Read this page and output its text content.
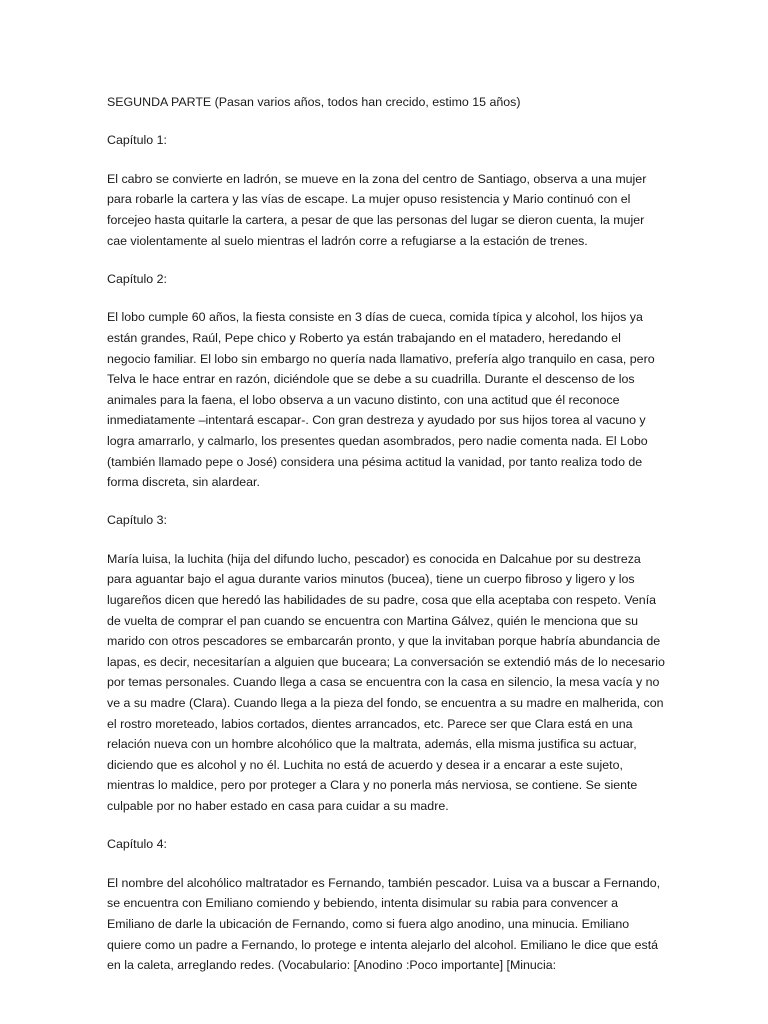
SEGUNDA PARTE (Pasan varios años, todos han crecido, estimo 15 años)

Capítulo 1:

El cabro se convierte en ladrón, se mueve en la zona del centro de Santiago, observa a una mujer para robarle la cartera y las vías de escape. La mujer opuso resistencia y Mario continuó con el forcejeo hasta quitarle la cartera, a pesar de que las personas del lugar se dieron cuenta, la mujer cae violentamente al suelo mientras el ladrón corre a refugiarse a la estación de trenes.

Capítulo 2:

El lobo cumple 60 años, la fiesta consiste en 3 días de cueca, comida típica y alcohol, los hijos ya están grandes, Raúl, Pepe chico y Roberto ya están trabajando en el matadero, heredando el negocio familiar. El lobo sin embargo no quería nada llamativo, prefería algo tranquilo en casa, pero Telva le hace entrar en razón, diciéndole que se debe a su cuadrilla. Durante el descenso de los animales para la faena, el lobo observa a un vacuno distinto, con una actitud que él reconoce inmediatamente –intentará escapar-. Con gran destreza y ayudado por sus hijos torea al vacuno y logra amarrarlo, y calmarlo, los presentes quedan asombrados, pero nadie comenta nada. El Lobo (también llamado pepe o José) considera una pésima actitud la vanidad, por tanto realiza todo de forma discreta, sin alardear.

Capítulo 3:

María luisa, la luchita (hija del difundo lucho, pescador) es conocida en Dalcahue por su destreza para aguantar bajo el agua durante varios minutos (bucea), tiene un cuerpo fibroso y ligero y los lugareños dicen que heredó las habilidades de su padre, cosa que ella aceptaba con respeto. Venía de vuelta de comprar el pan cuando se encuentra con Martina Gálvez, quién le menciona que su marido con otros pescadores se embarcarán pronto, y que la invitaban porque habría abundancia de lapas, es decir, necesitarían a alguien que buceara; La conversación se extendió más de lo necesario por temas personales. Cuando llega a casa se encuentra con la casa en silencio, la mesa vacía y no ve a su madre (Clara). Cuando llega a la pieza del fondo, se encuentra a su madre en malherida, con el rostro moreteado, labios cortados, dientes arrancados, etc. Parece ser que Clara está en una relación nueva con un hombre alcohólico que la maltrata, además, ella misma justifica su actuar, diciendo que es alcohol y no él. Luchita no está de acuerdo y desea ir a encarar a este sujeto, mientras lo maldice, pero por proteger a Clara y no ponerla más nerviosa, se contiene. Se siente culpable por no haber estado en casa para cuidar a su madre.

Capítulo 4:

El nombre del alcohólico maltratador es Fernando, también pescador. Luisa va a buscar a Fernando, se encuentra con Emiliano comiendo y bebiendo, intenta disimular su rabia para convencer a Emiliano de darle la ubicación de Fernando, como si fuera algo anodino, una minucia. Emiliano quiere como un padre a Fernando, lo protege e intenta alejarlo del alcohol. Emiliano le dice que está en la caleta, arreglando redes. (Vocabulario: [Anodino :Poco importante] [Minucia:
